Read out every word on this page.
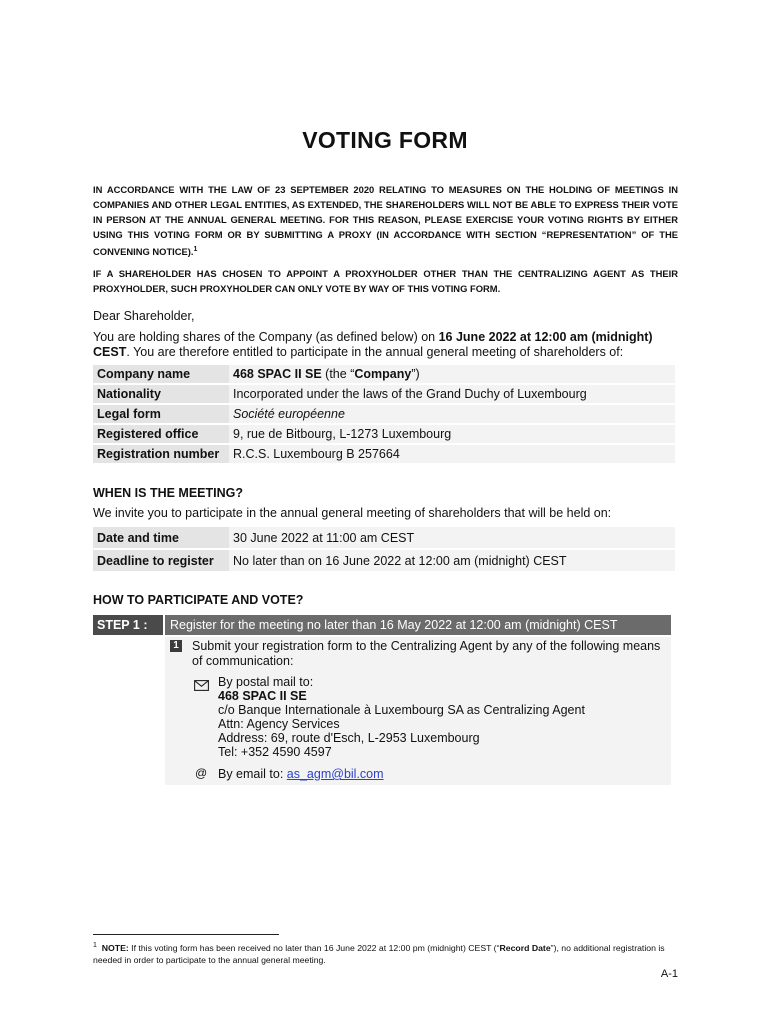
VOTING FORM
IN ACCORDANCE WITH THE LAW OF 23 SEPTEMBER 2020 RELATING TO MEASURES ON THE HOLDING OF MEETINGS IN COMPANIES AND OTHER LEGAL ENTITIES, AS EXTENDED, THE SHAREHOLDERS WILL NOT BE ABLE TO EXPRESS THEIR VOTE IN PERSON AT THE ANNUAL GENERAL MEETING. FOR THIS REASON, PLEASE EXERCISE YOUR VOTING RIGHTS BY EITHER USING THIS VOTING FORM OR BY SUBMITTING A PROXY (IN ACCORDANCE WITH SECTION “REPRESENTATION” OF THE CONVENING NOTICE).$^1$
IF A SHAREHOLDER HAS CHOSEN TO APPOINT A PROXYHOLDER OTHER THAN THE CENTRALIZING AGENT AS THEIR PROXYHOLDER, SUCH PROXYHOLDER CAN ONLY VOTE BY WAY OF THIS VOTING FORM.
Dear Shareholder,
You are holding shares of the Company (as defined below) on 16 June 2022 at 12:00 am (midnight) CEST. You are therefore entitled to participate in the annual general meeting of shareholders of:
Company name	468 SPAC II SE (the “Company”)
Nationality	Incorporated under the laws of the Grand Duchy of Luxembourg
Legal form	Société européenne
Registered office	9, rue de Bitbourg, L-1273 Luxembourg
Registration number	R.C.S. Luxembourg B 257664
WHEN IS THE MEETING?
We invite you to participate in the annual general meeting of shareholders that will be held on:
Date and time	30 June 2022 at 11:00 am CEST
Deadline to register	No later than on 16 June 2022 at 12:00 am (midnight) CEST
HOW TO PARTICIPATE AND VOTE?
STEP 1 :	Register for the meeting no later than 16 May 2022 at 12:00 am (midnight) CEST
1 Submit your registration form to the Centralizing Agent by any of the following means of communication:
By postal mail to:
468 SPAC II SE
c/o Banque Internationale à Luxembourg SA as Centralizing Agent
Attn: Agency Services
Address: 69, route d'Esch, L-2953 Luxembourg
Tel: +352 4590 4597
@ By email to: as_agm@bil.com
$^1$ NOTE: If this voting form has been received no later than 16 June 2022 at 12:00 pm (midnight) CEST (“Record Date”), no additional registration is needed in order to participate to the annual general meeting.
A-1
